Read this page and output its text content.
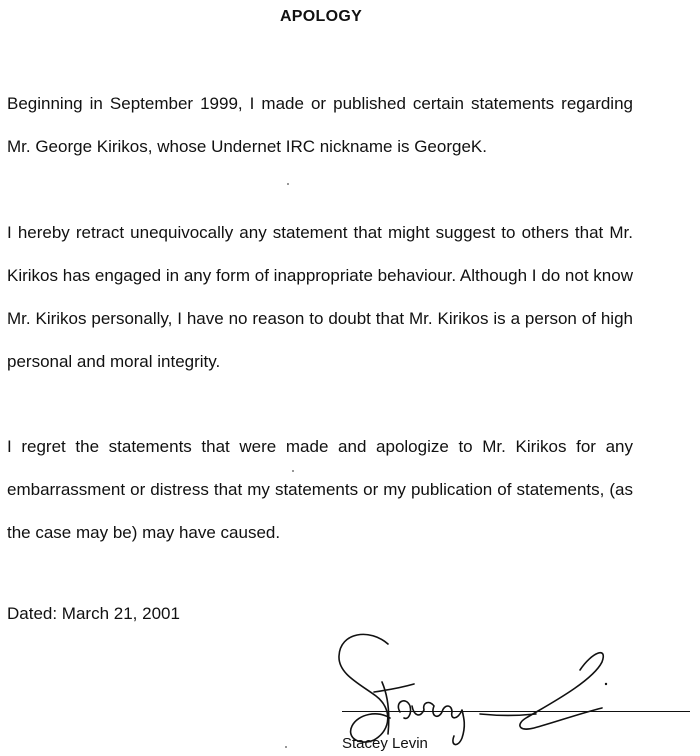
APOLOGY

Beginning in September 1999, I made or published certain statements regarding Mr. George Kirikos, whose Undernet IRC nickname is GeorgeK.

I hereby retract unequivocally any statement that might suggest to others that Mr. Kirikos has engaged in any form of inappropriate behaviour. Although I do not know Mr. Kirikos personally, I have no reason to doubt that Mr. Kirikos is a person of high personal and moral integrity.

I regret the statements that were made and apologize to Mr. Kirikos for any embarrassment or distress that my statements or my publication of statements, (as the case may be) may have caused.

Dated: March 21, 2001

Stacey Levin
